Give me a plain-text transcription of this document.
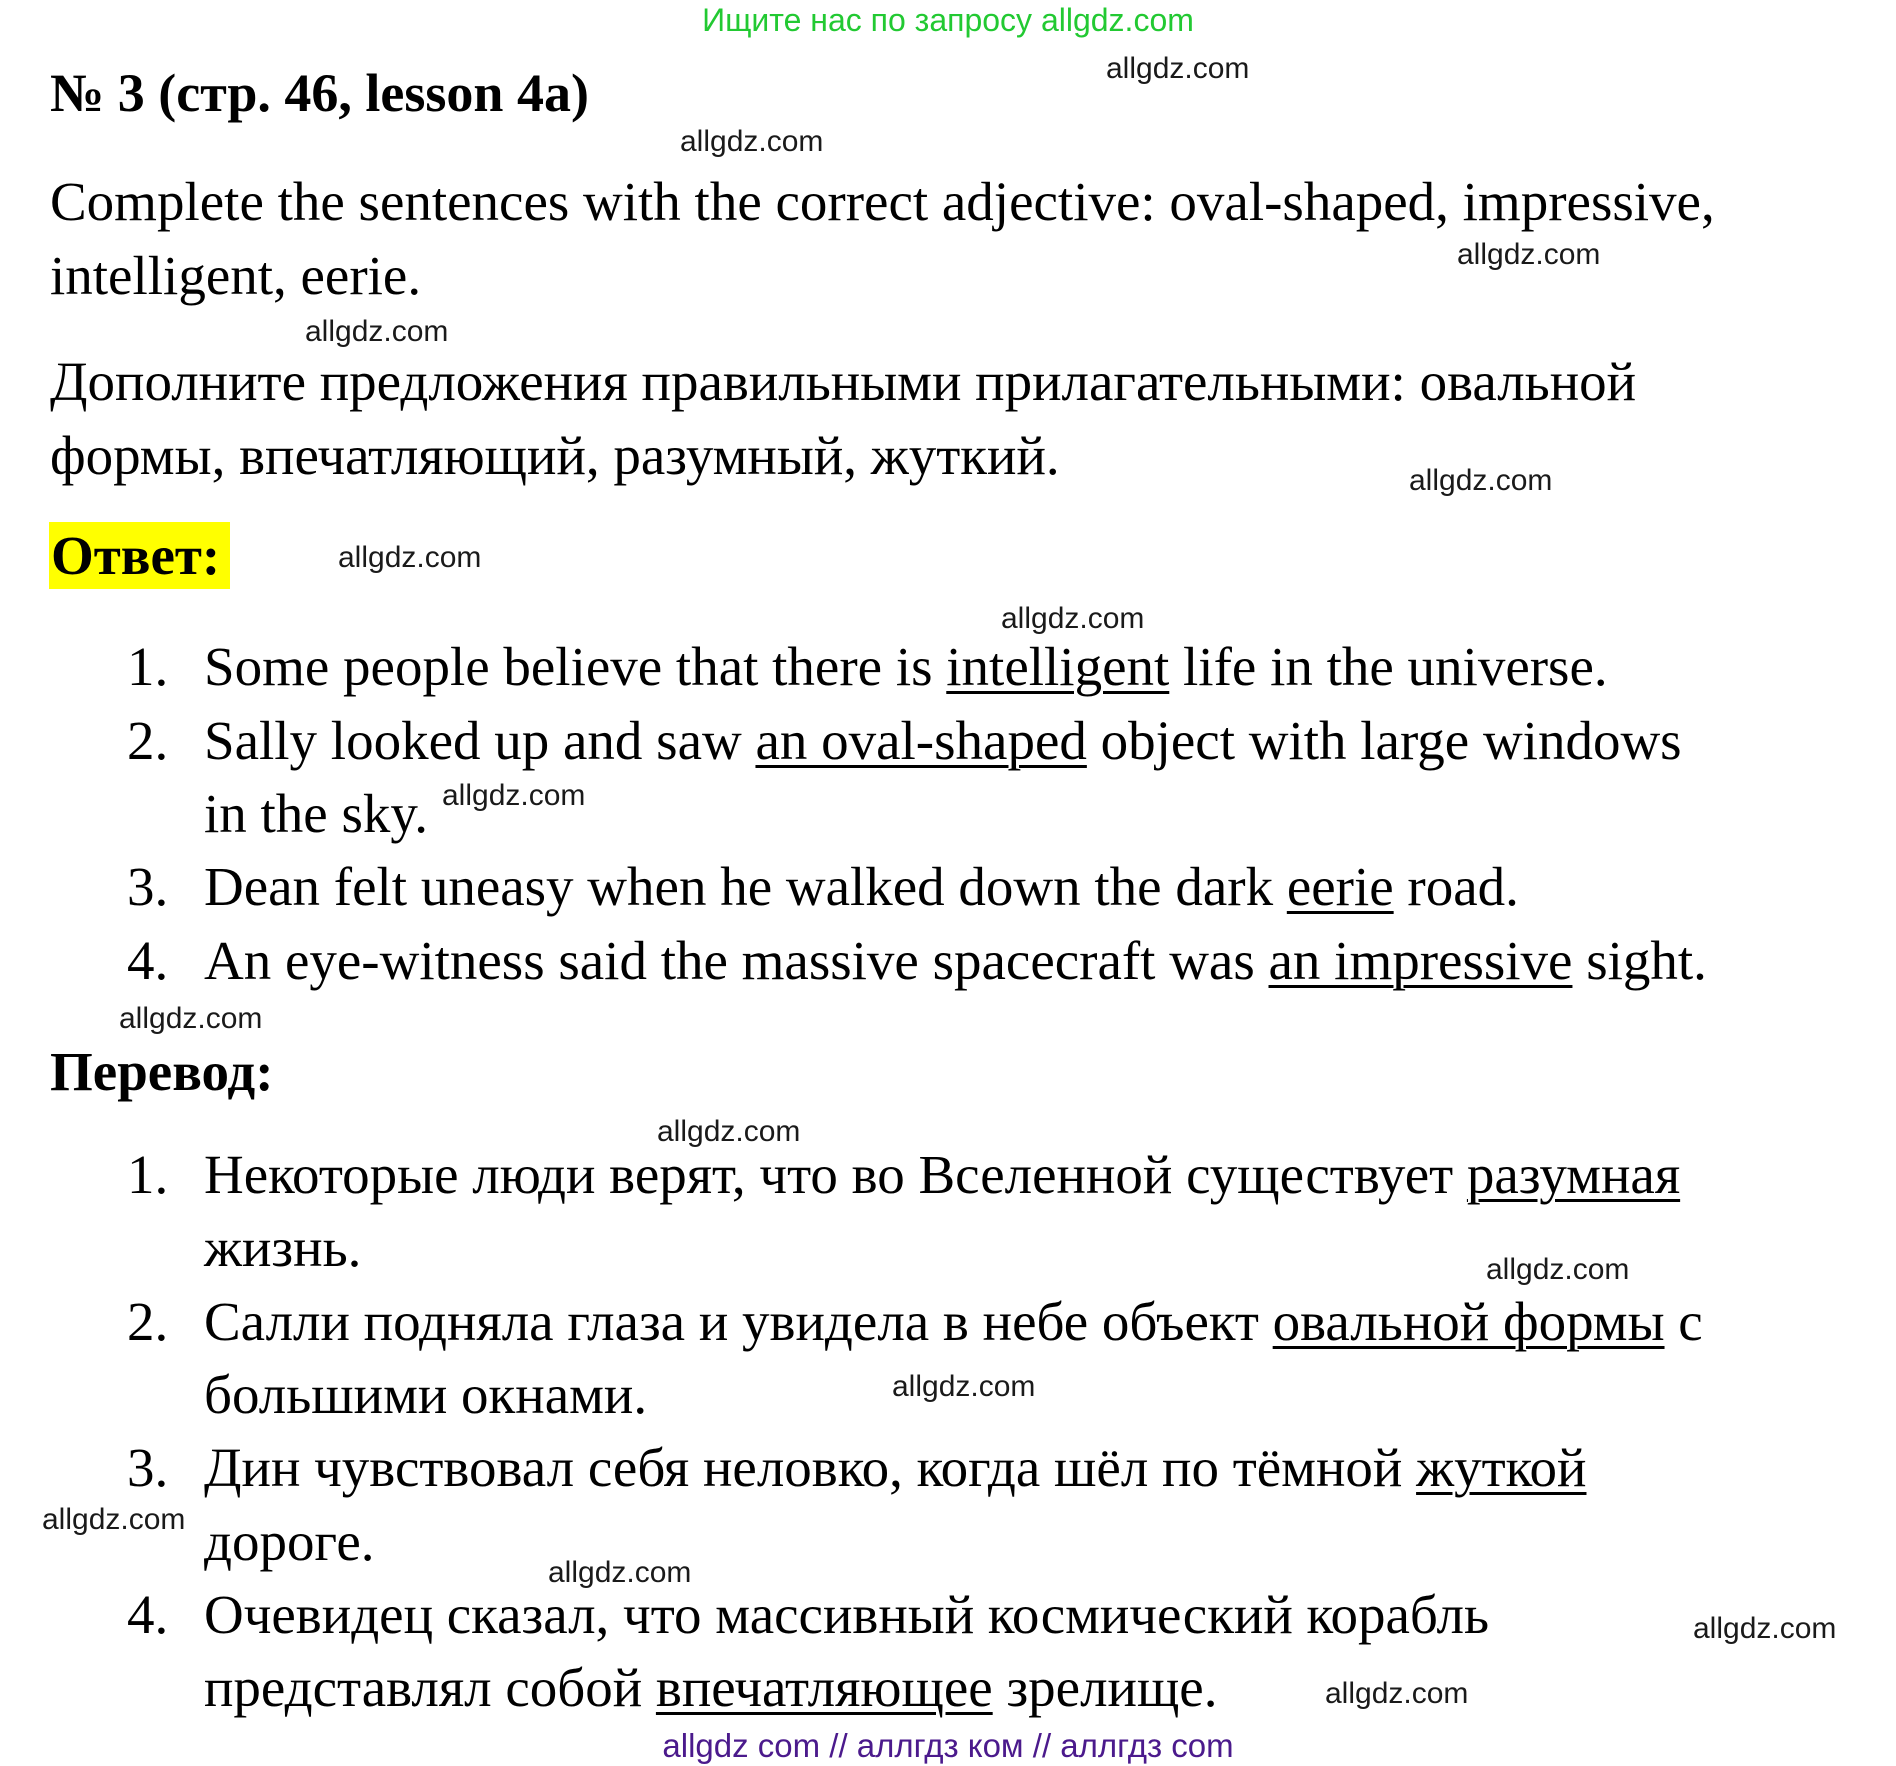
Ищите нас по запросу allgdz.com
№ 3 (стр. 46, lesson 4a)
Complete the sentences with the correct adjective: oval-shaped, impressive,
intelligent, eerie.
Дополните предложения правильными прилагательными: овальной
формы, впечатляющий, разумный, жуткий.
Ответ:
1. Some people believe that there is intelligent life in the universe.
2. Sally looked up and saw an oval-shaped object with large windows
in the sky.
3. Dean felt uneasy when he walked down the dark eerie road.
4. An eye-witness said the massive spacecraft was an impressive sight.
Перевод:
1. Некоторые люди верят, что во Вселенной существует разумная
жизнь.
2. Салли подняла глаза и увидела в небе объект овальной формы с
большими окнами.
3. Дин чувствовал себя неловко, когда шёл по тёмной жуткой
дороге.
4. Очевидец сказал, что массивный космический корабль
представлял собой впечатляющее зрелище.
allgdz.com
allgdz.com
allgdz.com
allgdz.com
allgdz.com
allgdz.com
allgdz.com
allgdz.com
allgdz.com
allgdz.com
allgdz.com
allgdz.com
allgdz.com
allgdz.com
allgdz.com
allgdz.com
allgdz com // аллгдз ком // аллгдз com
